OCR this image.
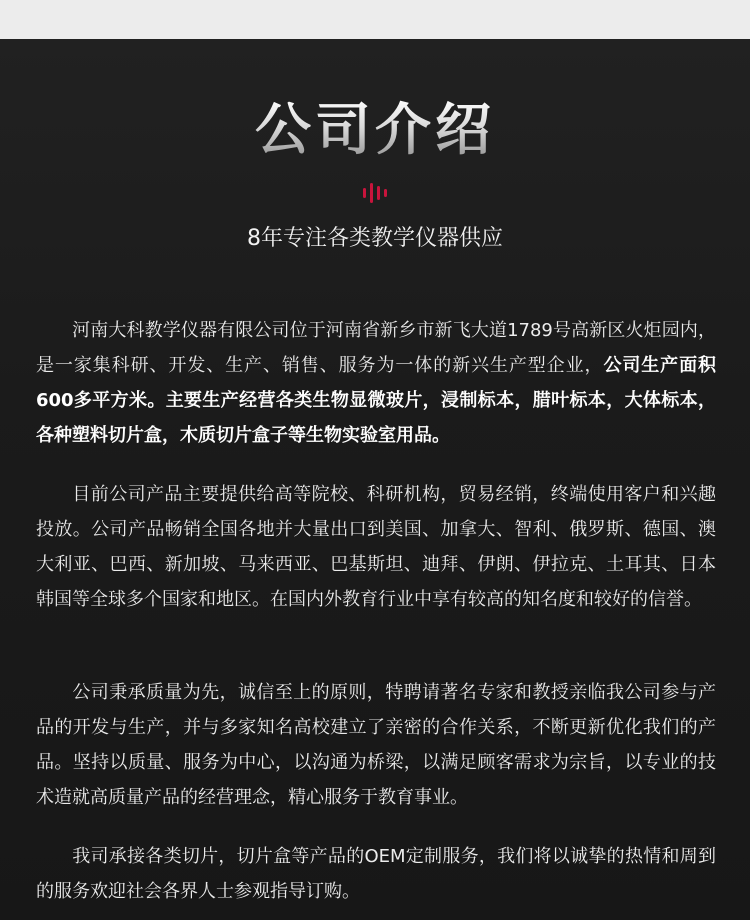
公司介绍
8年专注各类教学仪器供应
河南大科教学仪器有限公司位于河南省新乡市新飞大道1789号高新区火炬园内，是一家集科研、开发、生产、销售、服务为一体的新兴生产型企业，公司生产面积600多平方米。主要生产经营各类生物显微玻片，浸制标本，腊叶标本，大体标本，各种塑料切片盒，木质切片盒子等生物实验室用品。
目前公司产品主要提供给高等院校、科研机构，贸易经销，终端使用客户和兴趣投放。公司产品畅销全国各地并大量出口到美国、加拿大、智利、俄罗斯、德国、澳大利亚、巴西、新加坡、马来西亚、巴基斯坦、迪拜、伊朗、伊拉克、土耳其、日本韩国等全球多个国家和地区。在国内外教育行业中享有较高的知名度和较好的信誉。
公司秉承质量为先，诚信至上的原则，特聘请著名专家和教授亲临我公司参与产品的开发与生产，并与多家知名高校建立了亲密的合作关系，不断更新优化我们的产品。坚持以质量、服务为中心，以沟通为桥梁，以满足顾客需求为宗旨，以专业的技术造就高质量产品的经营理念，精心服务于教育事业。
我司承接各类切片，切片盒等产品的OEM定制服务，我们将以诚挚的热情和周到的服务欢迎社会各界人士参观指导订购。
